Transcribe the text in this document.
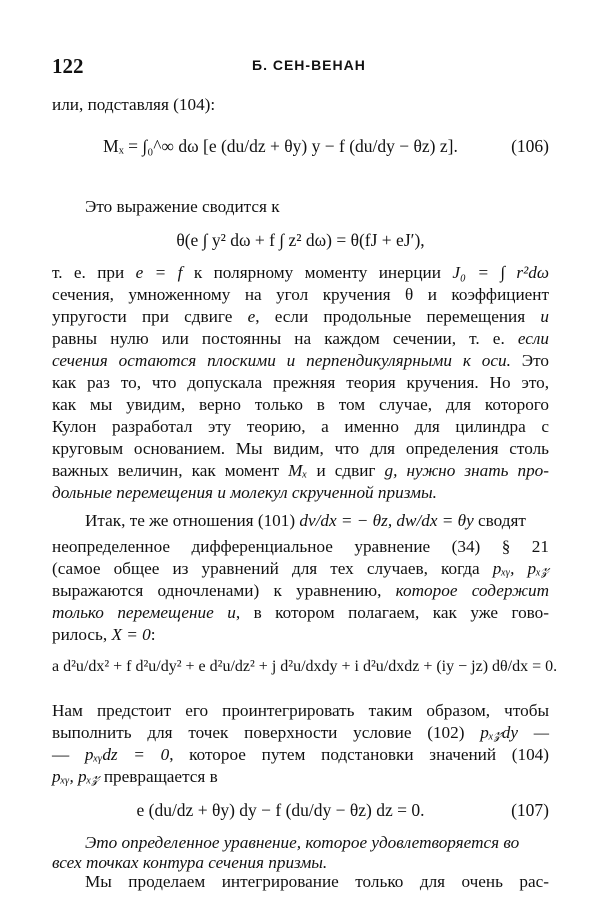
122	Б. СЕН-ВЕНАН
или, подставляя (104):
Mₓ = ∫₀^∞ dω [e (du/dz + θy) y − f (du/dy − θz) z].	(106)
Это выражение сводится к
θ(e ∫ y² dω + f ∫ z² dω) = θ(fJ + eJ′),
т. е. при e = f к полярному моменту инерции J₀ = ∫ r²dω
сечения, умноженному на угол кручения θ и коэффициент
упругости при сдвиге e, если продольные перемещения u
равны нулю или постоянны на каждом сечении, т. е. если
сечения остаются плоскими и перпендикулярными к оси. Это
как раз то, что допускала прежняя теория кручения. Но это,
как мы увидим, верно только в том случае, для которого
Кулон разработал эту теорию, а именно для цилиндра с
круговым основанием. Мы видим, что для определения столь
важных величин, как момент Mₓ и сдвиг g, нужно знать про-
дольные перемещения и молекул скрученной призмы.
Итак, те же отношения (101) dv/dx = − θz, dw/dx = θy сводят
неопределенное дифференциальное уравнение (34) § 21
(самое общее из уравнений для тех случаев, когда pₓᵧ, pₓ𝓏
выражаются одночленами) к уравнению, которое содержит
только перемещение u, в котором полагаем, как уже гово-
рилось, X = 0:
a d²u/dx² + f d²u/dy² + e d²u/dz² + j d²u/dxdy + i d²u/dxdz + (iy − jz) dθ/dx = 0.
Нам предстоит его проинтегрировать таким образом, чтобы
выполнить для точек поверхности условие (102) pₓ𝓏dy —
— pₓᵧdz = 0, которое путем подстановки значений (104)
pₓᵧ, pₓ𝓏 превращается в
e (du/dz + θy) dy − f (du/dy − θz) dz = 0.	(107)
Это определенное уравнение, которое удовлетворяется во
всех точках контура сечения призмы.
Мы проделаем интегрирование только для очень рас-
